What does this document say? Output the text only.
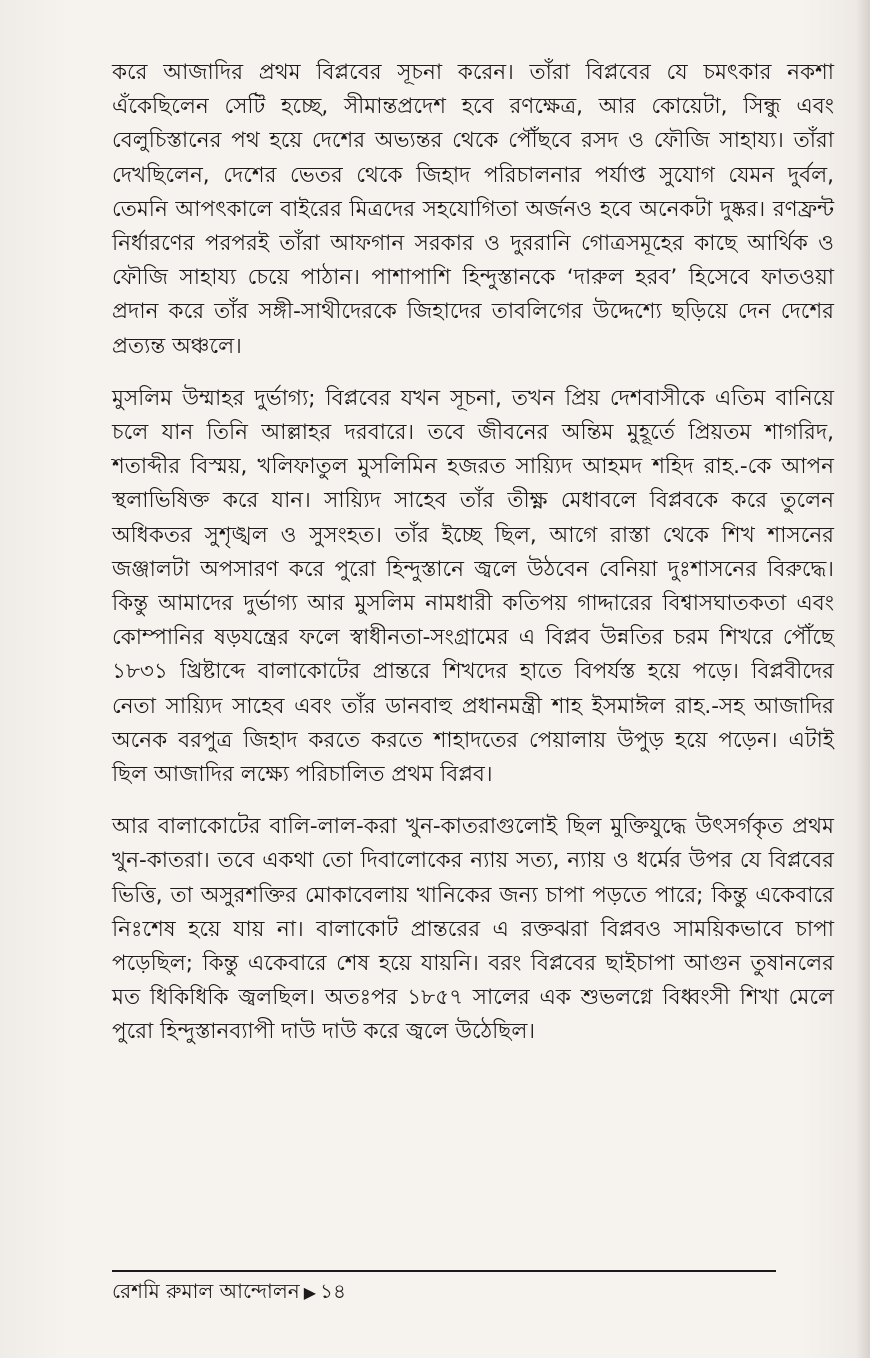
করে আজাদির প্রথম বিপ্লবের সূচনা করেন। তাঁরা বিপ্লবের যে চমৎকার নকশা এঁকেছিলেন সেটি হচ্ছে, সীমান্তপ্রদেশ হবে রণক্ষেত্র, আর কোয়েটা, সিন্ধু এবং বেলুচিস্তানের পথ হয়ে দেশের অভ্যন্তর থেকে পৌঁছবে রসদ ও ফৌজি সাহায্য। তাঁরা দেখছিলেন, দেশের ভেতর থেকে জিহাদ পরিচালনার পর্যাপ্ত সুযোগ যেমন দুর্বল, তেমনি আপৎকালে বাইরের মিত্রদের সহযোগিতা অর্জনও হবে অনেকটা দুষ্কর। রণফ্রন্ট নির্ধারণের পরপরই তাঁরা আফগান সরকার ও দুররানি গোত্রসমূহের কাছে আর্থিক ও ফৌজি সাহায্য চেয়ে পাঠান। পাশাপাশি হিন্দুস্তানকে ‘দারুল হরব’ হিসেবে ফাতওয়া প্রদান করে তাঁর সঙ্গী-সাথীদেরকে জিহাদের তাবলিগের উদ্দেশ্যে ছড়িয়ে দেন দেশের প্রত্যন্ত অঞ্চলে।

মুসলিম উম্মাহর দুর্ভাগ্য; বিপ্লবের যখন সূচনা, তখন প্রিয় দেশবাসীকে এতিম বানিয়ে চলে যান তিনি আল্লাহর দরবারে। তবে জীবনের অন্তিম মুহূর্তে প্রিয়তম শাগরিদ, শতাব্দীর বিস্ময়, খলিফাতুল মুসলিমিন হজরত সায়্যিদ আহমদ শহিদ রাহ.-কে আপন স্থলাভিষিক্ত করে যান। সায়্যিদ সাহেব তাঁর তীক্ষ্ণ মেধাবলে বিপ্লবকে করে তুলেন অধিকতর সুশৃঙ্খল ও সুসংহত। তাঁর ইচ্ছে ছিল, আগে রাস্তা থেকে শিখ শাসনের জঞ্জালটা অপসারণ করে পুরো হিন্দুস্তানে জ্বলে উঠবেন বেনিয়া দুঃশাসনের বিরুদ্ধে। কিন্তু আমাদের দুর্ভাগ্য আর মুসলিম নামধারী কতিপয় গাদ্দারের বিশ্বাসঘাতকতা এবং কোম্পানির ষড়যন্ত্রের ফলে স্বাধীনতা-সংগ্রামের এ বিপ্লব উন্নতির চরম শিখরে পৌঁছে ১৮৩১ খ্রিষ্টাব্দে বালাকোটের প্রান্তরে শিখদের হাতে বিপর্যস্ত হয়ে পড়ে। বিপ্লবীদের নেতা সায়্যিদ সাহেব এবং তাঁর ডানবাহু প্রধানমন্ত্রী শাহ ইসমাঈল রাহ.-সহ আজাদির অনেক বরপুত্র জিহাদ করতে করতে শাহাদতের পেয়ালায় উপুড় হয়ে পড়েন। এটাই ছিল আজাদির লক্ষ্যে পরিচালিত প্রথম বিপ্লব।

আর বালাকোটের বালি-লাল-করা খুন-কাতরাগুলোই ছিল মুক্তিযুদ্ধে উৎসর্গকৃত প্রথম খুন-কাতরা। তবে একথা তো দিবালোকের ন্যায় সত্য, ন্যায় ও ধর্মের উপর যে বিপ্লবের ভিত্তি, তা অসুরশক্তির মোকাবেলায় খানিকের জন্য চাপা পড়তে পারে; কিন্তু একেবারে নিঃশেষ হয়ে যায় না। বালাকোট প্রান্তরের এ রক্তঝরা বিপ্লবও সাময়িকভাবে চাপা পড়েছিল; কিন্তু একেবারে শেষ হয়ে যায়নি। বরং বিপ্লবের ছাইচাপা আগুন তুষানলের মত ধিকিধিকি জ্বলছিল। অতঃপর ১৮৫৭ সালের এক শুভলগ্নে বিধ্বংসী শিখা মেলে পুরো হিন্দুস্তানব্যাপী দাউ দাউ করে জ্বলে উঠেছিল।

রেশমি রুমাল আন্দোলন ▶ ১৪
